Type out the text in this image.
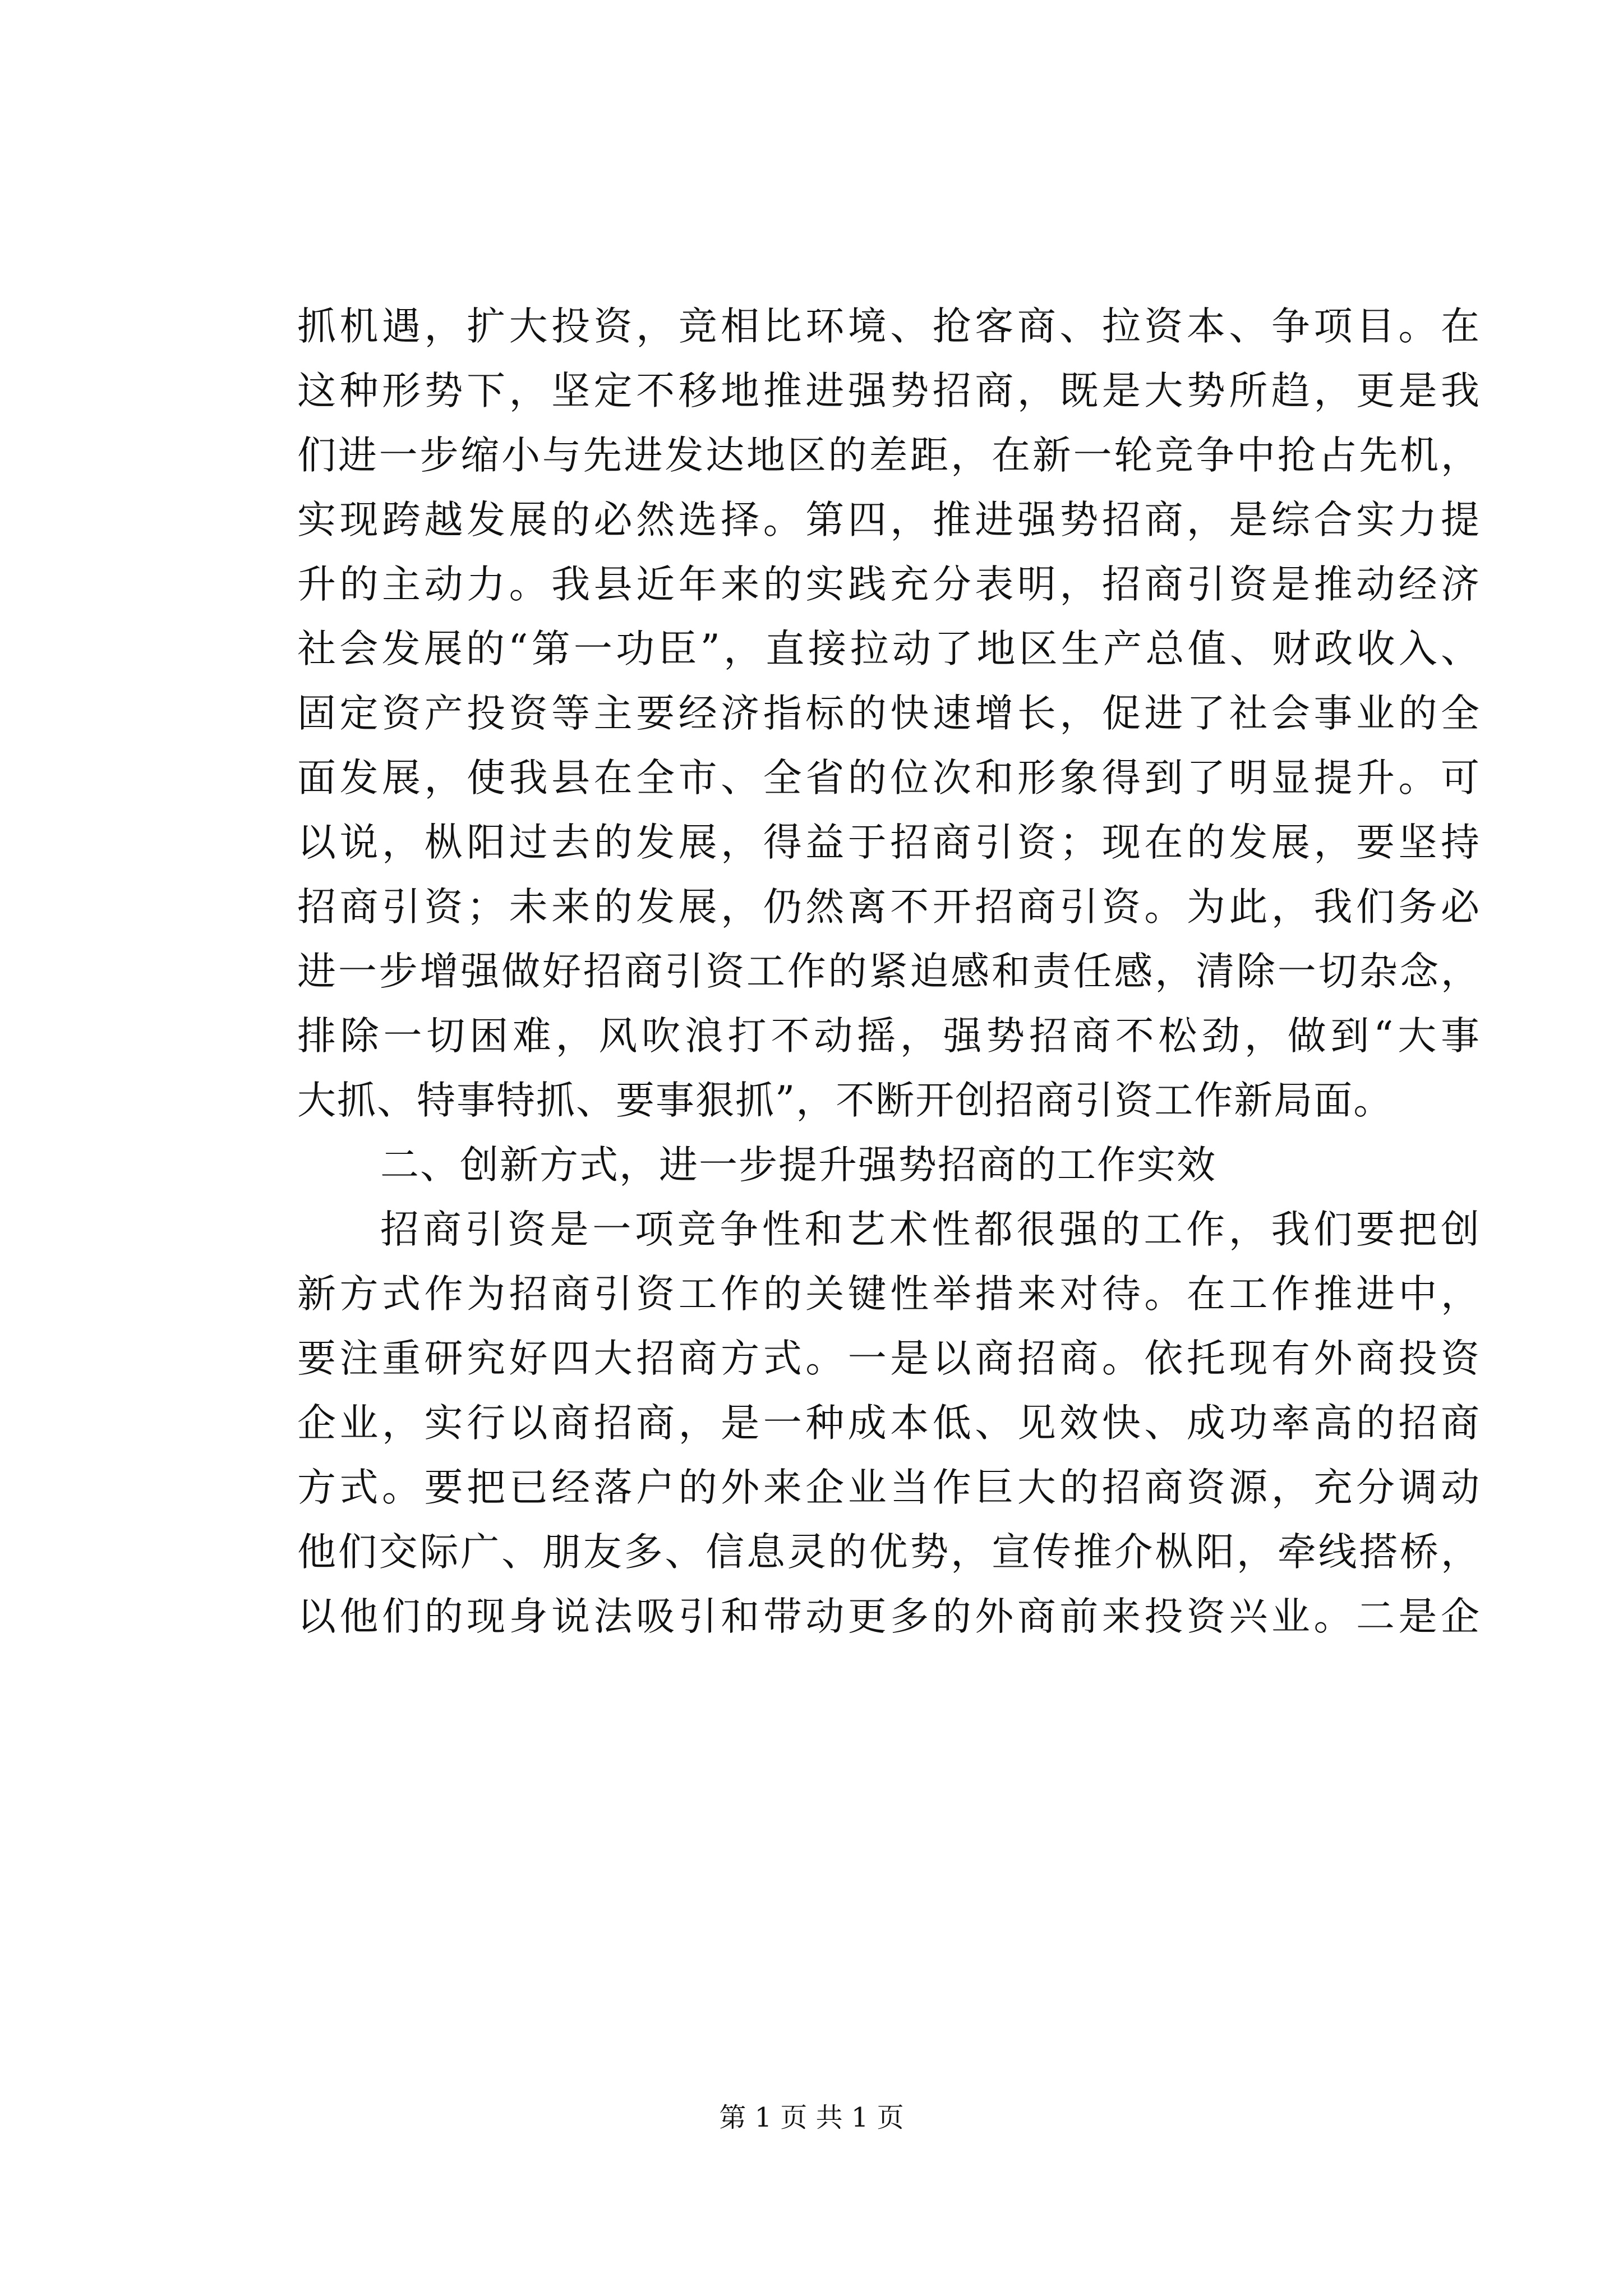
抓机遇，扩大投资，竞相比环境、抢客商、拉资本、争项目。在
这种形势下，坚定不移地推进强势招商，既是大势所趋，更是我
们进一步缩小与先进发达地区的差距，在新一轮竞争中抢占先机，
实现跨越发展的必然选择。第四，推进强势招商，是综合实力提
升的主动力。我县近年来的实践充分表明，招商引资是推动经济
社会发展的“第一功臣”，直接拉动了地区生产总值、财政收入、
固定资产投资等主要经济指标的快速增长，促进了社会事业的全
面发展，使我县在全市、全省的位次和形象得到了明显提升。可
以说，枞阳过去的发展，得益于招商引资；现在的发展，要坚持
招商引资；未来的发展，仍然离不开招商引资。为此，我们务必
进一步增强做好招商引资工作的紧迫感和责任感，清除一切杂念，
排除一切困难，风吹浪打不动摇，强势招商不松劲，做到“大事
大抓、特事特抓、要事狠抓”，不断开创招商引资工作新局面。
二、创新方式，进一步提升强势招商的工作实效
招商引资是一项竞争性和艺术性都很强的工作，我们要把创
新方式作为招商引资工作的关键性举措来对待。在工作推进中，
要注重研究好四大招商方式。一是以商招商。依托现有外商投资
企业，实行以商招商，是一种成本低、见效快、成功率高的招商
方式。要把已经落户的外来企业当作巨大的招商资源，充分调动
他们交际广、朋友多、信息灵的优势，宣传推介枞阳，牵线搭桥，
以他们的现身说法吸引和带动更多的外商前来投资兴业。二是企
第 1 页 共 1 页
